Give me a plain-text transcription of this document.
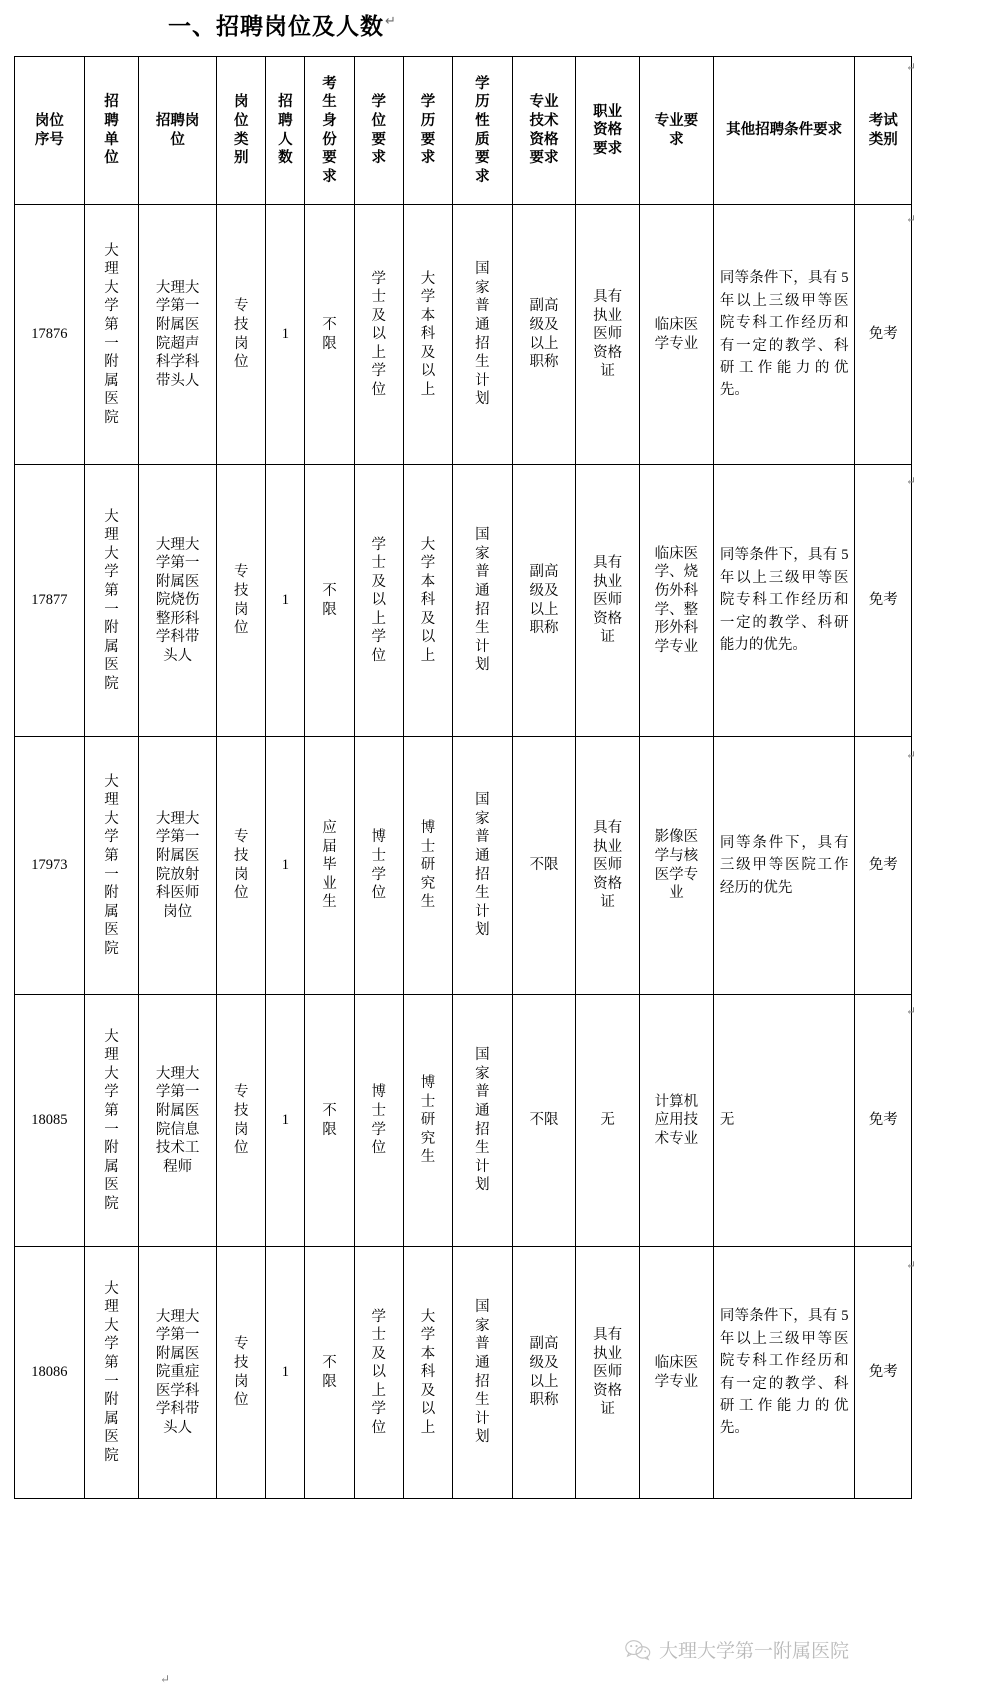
一、招聘岗位及人数↵
岗位序号	招聘单位	招聘岗位	岗位类别	招聘人数	考生身份要求	学位要求	学历要求	学历性质要求	专业技术资格要求	职业资格要求	专业要求	其他招聘条件要求	考试类别

17876	大理大学第一附属医院	大理大学第一附属医院超声科学科带头人	专技岗位	1	不限	学士及以上学位	大学本科及以上	国家普通招生计划	副高级及以上职称	具有执业医师资格证	临床医学专业	同等条件下，具有 5 年以上三级甲等医院专科工作经历和有一定的教学、科研工作能力的优先。	免考

17877	大理大学第一附属医院	大理大学第一附属医院烧伤整形科学科带头人	专技岗位	1	不限	学士及以上学位	大学本科及以上	国家普通招生计划	副高级及以上职称	具有执业医师资格证	临床医学、烧伤外科学、整形外科学专业	同等条件下，具有 5 年以上三级甲等医院专科工作经历和一定的教学、科研能力的优先。	免考

17973	大理大学第一附属医院	大理大学第一附属医院放射科医师岗位	专技岗位	1	应届毕业生	博士学位	博士研究生	国家普通招生计划	不限	具有执业医师资格证	影像医学与核医学专业	同等条件下，具有三级甲等医院工作经历的优先	免考

18085	大理大学第一附属医院	大理大学第一附属医院信息技术工程师	专技岗位	1	不限	博士学位	博士研究生	国家普通招生计划	不限	无	计算机应用技术专业	无	免考

18086	大理大学第一附属医院	大理大学第一附属医院重症医学科学科带头人	专技岗位	1	不限	学士及以上学位	大学本科及以上	国家普通招生计划	副高级及以上职称	具有执业医师资格证	临床医学专业	同等条件下，具有 5 年以上三级甲等医院专科工作经历和有一定的教学、科研工作能力的优先。	免考
↵
↵
↵
↵
↵
↵
↵
大理大学第一附属医院
